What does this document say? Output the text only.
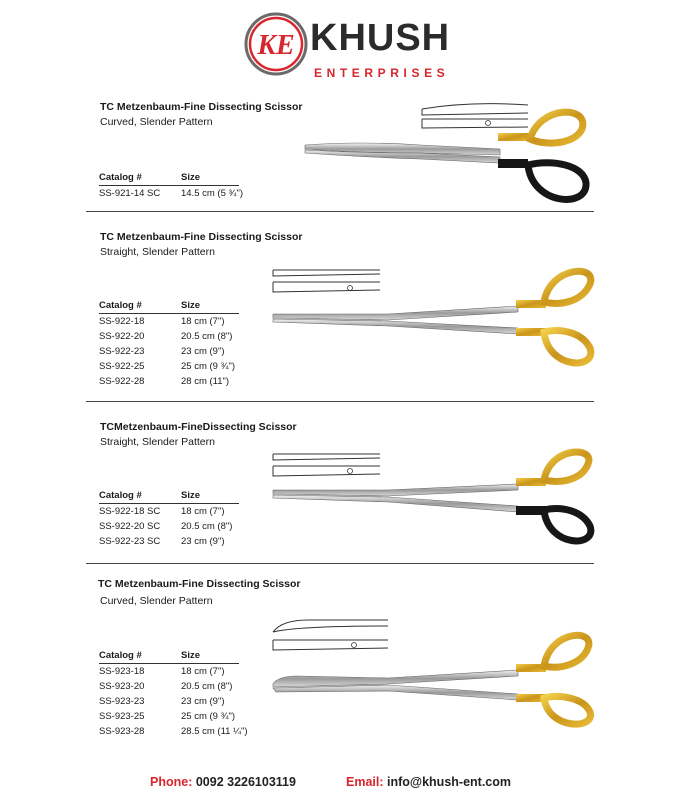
KE KHUSH
ENTERPRISES
TC Metzenbaum-Fine Dissecting Scissor
Curved, Slender Pattern
Catalog #	Size
SS-921-14 SC 14.5 cm (5 ¾")
TC Metzenbaum-Fine Dissecting Scissor
Straight, Slender Pattern
Catalog #	Size
SS-922-18	18 cm (7")
SS-922-20	20.5 cm (8")
SS-922-23	23 cm (9")
SS-922-25	25 cm (9 ¾")
SS-922-28	28 cm (11")
TCMetzenbaum-FineDissecting Scissor
Straight, Slender Pattern
Catalog #	Size
SS-922-18 SC 18 cm (7")
SS-922-20 SC 20.5 cm (8")
SS-922-23 SC 23 cm (9")
TC Metzenbaum-Fine Dissecting Scissor
Curved, Slender Pattern
Catalog #	Size
SS-923-18	18 cm (7")
SS-923-20	20.5 cm (8")
SS-923-23	23 cm (9")
SS-923-25	25 cm (9 ¾")
SS-923-28	28.5 cm (11 ¼")
Phone: 0092 3226103119	Email: info@khush-ent.com
